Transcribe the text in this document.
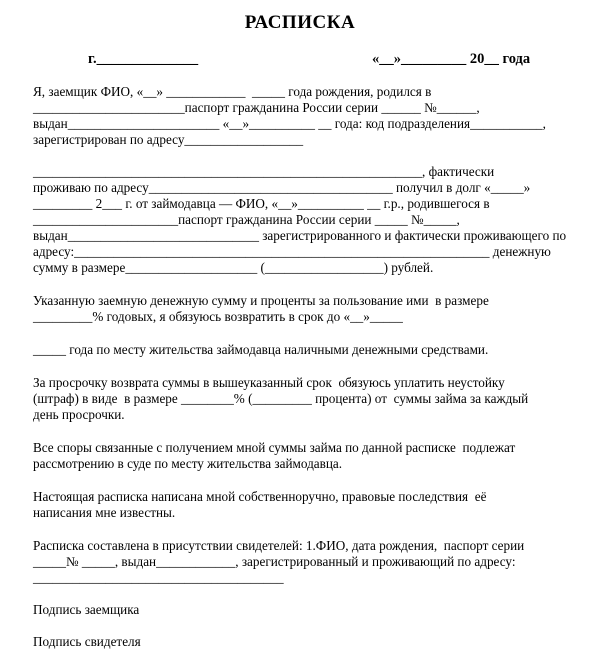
РАСПИСКА
г.______________	«__»_________ 20__ года
Я, заемщик ФИО, «__» ____________  _____ года рождения, родился в
_______________________паспорт гражданина России серии ______ №______,
выдан_______________________ «__»__________ __ года: код подразделения___________,
зарегистрирован по адресу__________________
___________________________________________________________, фактически
проживаю по адресу_____________________________________ получил в долг «_____»
_________ 2___ г. от займодавца — ФИО, «__»__________ __ г.р., родившегося в
______________________паспорт гражданина России серии _____ №_____,
выдан_____________________________ зарегистрированного и фактически проживающего по
адресу:_______________________________________________________________ денежную
сумму в размере____________________ (__________________) рублей.
Указанную заемную денежную сумму и проценты за пользование ими  в размере
_________% годовых, я обязуюсь возвратить в срок до «__»_____
_____ года по месту жительства займодавца наличными денежными средствами.
За просрочку возврата суммы в вышеуказанный срок  обязуюсь уплатить неустойку
(штраф) в виде  в размере ________% (_________ процента) от  суммы займа за каждый
день просрочки.
Все споры связанные с получением мной суммы займа по данной расписке  подлежат
рассмотрению в суде по месту жительства займодавца.
Настоящая расписка написана мной собственноручно, правовые последствия  её
написания мне известны.
Расписка составлена в присутствии свидетелей: 1.ФИО, дата рождения,  паспорт серии
_____№ _____, выдан____________, зарегистрированный и проживающий по адресу:
______________________________________
Подпись заемщика
Подпись свидетеля
